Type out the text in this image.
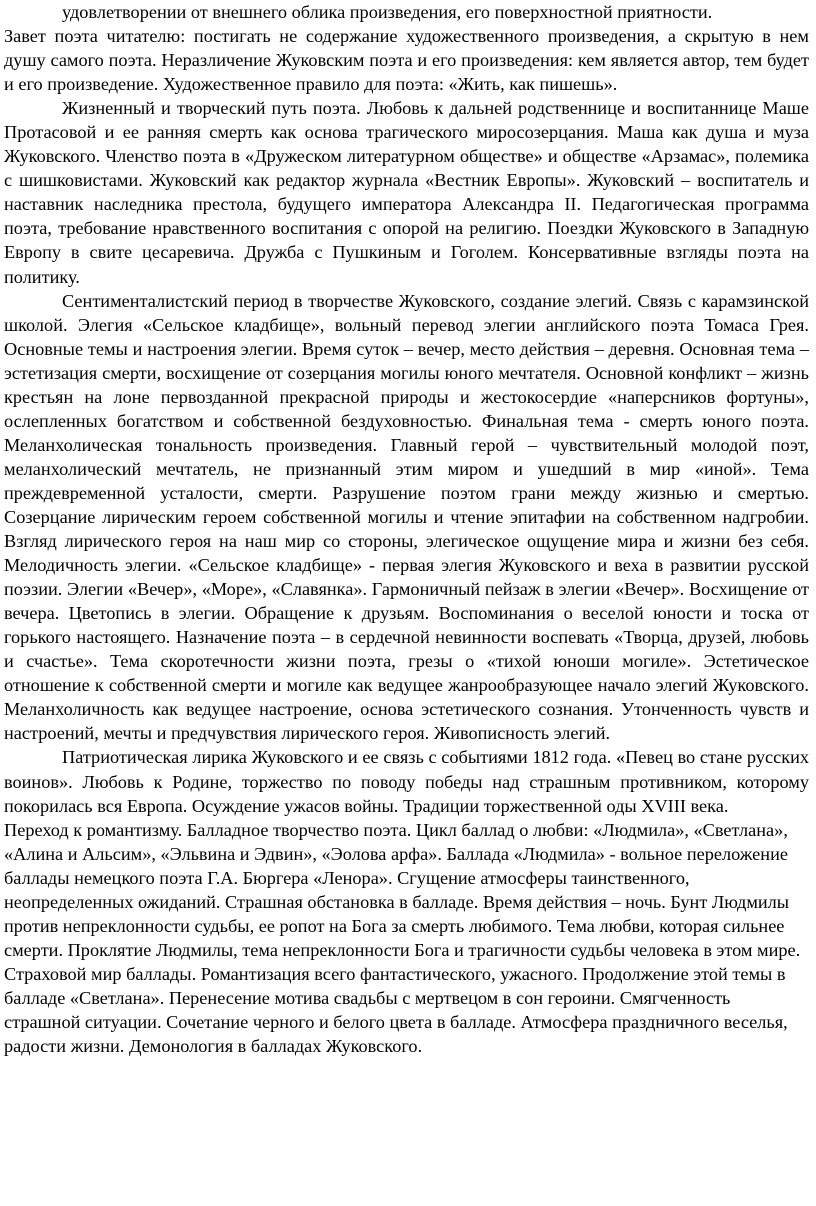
удовлетворении от внешнего облика произведения, его поверхностной приятности.

Завет поэта читателю: постигать не содержание художественного произведения, а скрытую в нем душу самого поэта. Неразличение Жуковским поэта и его произведения: кем является автор, тем будет и его произведение. Художественное правило для поэта: «Жить, как пишешь».

Жизненный и творческий путь поэта. Любовь к дальней родственнице и воспитаннице Маше Протасовой и ее ранняя смерть как основа трагического миросозерцания. Маша как душа и муза Жуковского. Членство поэта в «Дружеском литературном обществе» и обществе «Арзамас», полемика с шишковистами. Жуковский как редактор журнала «Вестник Европы». Жуковский – воспитатель и наставник наследника престола, будущего императора Александра II. Педагогическая программа поэта, требование нравственного воспитания с опорой на религию. Поездки Жуковского в Западную Европу в свите цесаревича. Дружба с Пушкиным и Гоголем. Консервативные взгляды поэта на политику.

Сентименталистский период в творчестве Жуковского, создание элегий. Связь с карамзинской школой. Элегия «Сельское кладбище», вольный перевод элегии английского поэта Томаса Грея. Основные темы и настроения элегии. Время суток – вечер, место действия – деревня. Основная тема – эстетизация смерти, восхищение от созерцания могилы юного мечтателя. Основной конфликт – жизнь крестьян на лоне первозданной прекрасной природы и жестокосердие «наперсников фортуны», ослепленных богатством и собственной бездуховностью. Финальная тема - смерть юного поэта. Меланхолическая тональность произведения. Главный герой – чувствительный молодой поэт, меланхолический мечтатель, не признанный этим миром и ушедший в мир «иной». Тема преждевременной усталости, смерти. Разрушение поэтом грани между жизнью и смертью. Созерцание лирическим героем собственной могилы и чтение эпитафии на собственном надгробии. Взгляд лирического героя на наш мир со стороны, элегическое ощущение мира и жизни без себя. Мелодичность элегии. «Сельское кладбище» - первая элегия Жуковского и веха в развитии русской поэзии. Элегии «Вечер», «Море», «Славянка». Гармоничный пейзаж в элегии «Вечер». Восхищение от вечера. Цветопись в элегии. Обращение к друзьям. Воспоминания о веселой юности и тоска от горького настоящего. Назначение поэта – в сердечной невинности воспевать «Творца, друзей, любовь и счастье». Тема скоротечности жизни поэта, грезы о «тихой юноши могиле». Эстетическое отношение к собственной смерти и могиле как ведущее жанрообразующее начало элегий Жуковского. Меланхоличность как ведущее настроение, основа эстетического сознания. Утонченность чувств и настроений, мечты и предчувствия лирического героя. Живописность элегий.

Патриотическая лирика Жуковского и ее связь с событиями 1812 года. «Певец во стане русских воинов». Любовь к Родине, торжество по поводу победы над страшным противником, которому покорилась вся Европа. Осуждение ужасов войны. Традиции торжественной оды XVIII века.

Переход к романтизму. Балладное творчество поэта. Цикл баллад о любви: «Людмила», «Светлана», «Алина и Альсим», «Эльвина и Эдвин», «Эолова арфа». Баллада «Людмила» - вольное переложение баллады немецкого поэта Г.А. Бюргера «Ленора». Сгущение атмосферы таинственного, неопределенных ожиданий. Страшная обстановка в балладе. Время действия – ночь. Бунт Людмилы против непреклонности судьбы, ее ропот на Бога за смерть любимого. Тема любви, которая сильнее смерти. Проклятие Людмилы, тема непреклонности Бога и трагичности судьбы человека в этом мире. Страховой мир баллады. Романтизация всего фантастического, ужасного. Продолжение этой темы в балладе «Светлана». Перенесение мотива свадьбы с мертвецом в сон героини. Смягченность страшной ситуации. Сочетание черного и белого цвета в балладе. Атмосфера праздничного веселья, радости жизни. Демонология в балладах Жуковского.
